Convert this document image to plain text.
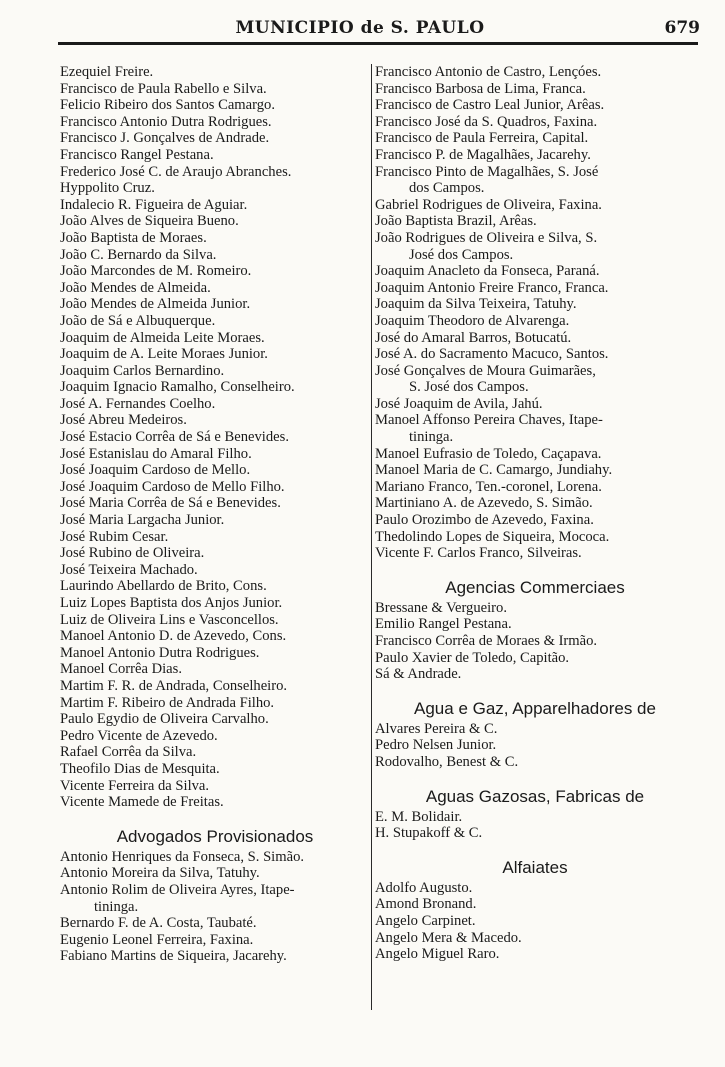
MUNICIPIO de S. PAULO	679
Ezequiel Freire.
Francisco de Paula Rabello e Silva.
Felicio Ribeiro dos Santos Camargo.
Francisco Antonio Dutra Rodrigues.
Francisco J. Gonçalves de Andrade.
Francisco Rangel Pestana.
Frederico José C. de Araujo Abranches.
Hyppolito Cruz.
Indalecio R. Figueira de Aguiar.
João Alves de Siqueira Bueno.
João Baptista de Moraes.
João C. Bernardo da Silva.
João Marcondes de M. Romeiro.
João Mendes de Almeida.
João Mendes de Almeida Junior.
João de Sá e Albuquerque.
Joaquim de Almeida Leite Moraes.
Joaquim de A. Leite Moraes Junior.
Joaquim Carlos Bernardino.
Joaquim Ignacio Ramalho, Conselheiro.
José A. Fernandes Coelho.
José Abreu Medeiros.
José Estacio Corrêa de Sá e Benevides.
José Estanislau do Amaral Filho.
José Joaquim Cardoso de Mello.
José Joaquim Cardoso de Mello Filho.
José Maria Corrêa de Sá e Benevides.
José Maria Largacha Junior.
José Rubim Cesar.
José Rubino de Oliveira.
José Teixeira Machado.
Laurindo Abellardo de Brito, Cons.
Luiz Lopes Baptista dos Anjos Junior.
Luiz de Oliveira Lins e Vasconcellos.
Manoel Antonio D. de Azevedo, Cons.
Manoel Antonio Dutra Rodrigues.
Manoel Corrêa Dias.
Martim F. R. de Andrada, Conselheiro.
Martim F. Ribeiro de Andrada Filho.
Paulo Egydio de Oliveira Carvalho.
Pedro Vicente de Azevedo.
Rafael Corrêa da Silva.
Theofilo Dias de Mesquita.
Vicente Ferreira da Silva.
Vicente Mamede de Freitas.
Advogados Provisionados
Antonio Henriques da Fonseca, S. Simão.
Antonio Moreira da Silva, Tatuhy.
Antonio Rolim de Oliveira Ayres, Itape-
tininga.
Bernardo F. de A. Costa, Taubaté.
Eugenio Leonel Ferreira, Faxina.
Fabiano Martins de Siqueira, Jacarehy.
Francisco Antonio de Castro, Lençóes.
Francisco Barbosa de Lima, Franca.
Francisco de Castro Leal Junior, Arêas.
Francisco José da S. Quadros, Faxina.
Francisco de Paula Ferreira, Capital.
Francisco P. de Magalhães, Jacarehy.
Francisco Pinto de Magalhães, S. José
dos Campos.
Gabriel Rodrigues de Oliveira, Faxina.
João Baptista Brazil, Arêas.
João Rodrigues de Oliveira e Silva, S.
José dos Campos.
Joaquim Anacleto da Fonseca, Paraná.
Joaquim Antonio Freire Franco, Franca.
Joaquim da Silva Teixeira, Tatuhy.
Joaquim Theodoro de Alvarenga.
José do Amaral Barros, Botucatú.
José A. do Sacramento Macuco, Santos.
José Gonçalves de Moura Guimarães,
S. José dos Campos.
José Joaquim de Avila, Jahú.
Manoel Affonso Pereira Chaves, Itape-
tininga.
Manoel Eufrasio de Toledo, Caçapava.
Manoel Maria de C. Camargo, Jundiahy.
Mariano Franco, Ten.-coronel, Lorena.
Martiniano A. de Azevedo, S. Simão.
Paulo Orozimbo de Azevedo, Faxina.
Thedolindo Lopes de Siqueira, Mococa.
Vicente F. Carlos Franco, Silveiras.
Agencias Commerciaes
Bressane & Vergueiro.
Emilio Rangel Pestana.
Francisco Corrêa de Moraes & Irmão.
Paulo Xavier de Toledo, Capitão.
Sá & Andrade.
Agua e Gaz, Apparelhadores de
Alvares Pereira & C.
Pedro Nelsen Junior.
Rodovalho, Benest & C.
Aguas Gazosas, Fabricas de
E. M. Bolidair.
H. Stupakoff & C.
Alfaiates
Adolfo Augusto.
Amond Bronand.
Angelo Carpinet.
Angelo Mera & Macedo.
Angelo Miguel Raro.
